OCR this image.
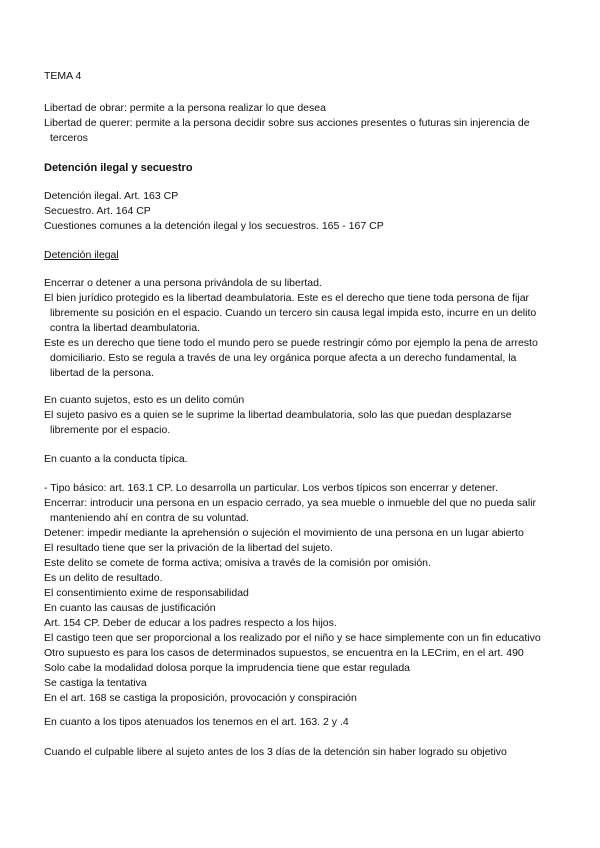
TEMA 4
Libertad de obrar: permite a la persona realizar lo que desea
Libertad de querer: permite a la persona decidir sobre sus acciones presentes o futuras sin injerencia de
terceros
Detención ilegal y secuestro
Detención ilegal. Art. 163 CP
Secuestro. Art. 164 CP
Cuestiones comunes a la detención ilegal y los secuestros. 165 - 167 CP
Detención ilegal
Encerrar o detener a una persona privándola de su libertad.
El bien jurídico protegido es la libertad deambulatoria. Este es el derecho que tiene toda persona de fijar
libremente su posición en el espacio. Cuando un tercero sin causa legal impida esto, incurre en un delito
contra la libertad deambulatoria.
Este es un derecho que tiene todo el mundo pero se puede restringir cómo por ejemplo la pena de arresto
domiciliario. Esto se regula a través de una ley orgánica porque afecta a un derecho fundamental, la
libertad de la persona.
En cuanto sujetos, esto es un delito común
El sujeto pasivo es a quien se le suprime la libertad deambulatoria, solo las que puedan desplazarse
libremente por el espacio.
En cuanto a la conducta típica.
- Tipo básico: art. 163.1 CP. Lo desarrolla un particular. Los verbos típicos son encerrar y detener.
Encerrar: introducir una persona en un espacio cerrado, ya sea mueble o inmueble del que no pueda salir
manteniendo ahí en contra de su voluntad.
Detener: impedir mediante la aprehensión o sujeción el movimiento de una persona en un lugar abierto
El resultado tiene que ser la privación de la libertad del sujeto.
Este delito se comete de forma activa; omisiva a través de la comisión por omisión.
Es un delito de resultado.
El consentimiento exime de responsabilidad
En cuanto las causas de justificación
Art. 154 CP. Deber de educar a los padres respecto a los hijos.
El castigo teen que ser proporcional a los realizado por el niño y se hace simplemente con un fin educativo
Otro supuesto es para los casos de determinados supuestos, se encuentra en la LECrim, en el art. 490
Solo cabe la modalidad dolosa porque la imprudencia tiene que estar regulada
Se castiga la tentativa
En el art. 168 se castiga la proposición, provocación y conspiración
En cuanto a los tipos atenuados los tenemos en el art. 163. 2 y .4
Cuando el culpable libere al sujeto antes de los 3 días de la detención sin haber logrado su objetivo
